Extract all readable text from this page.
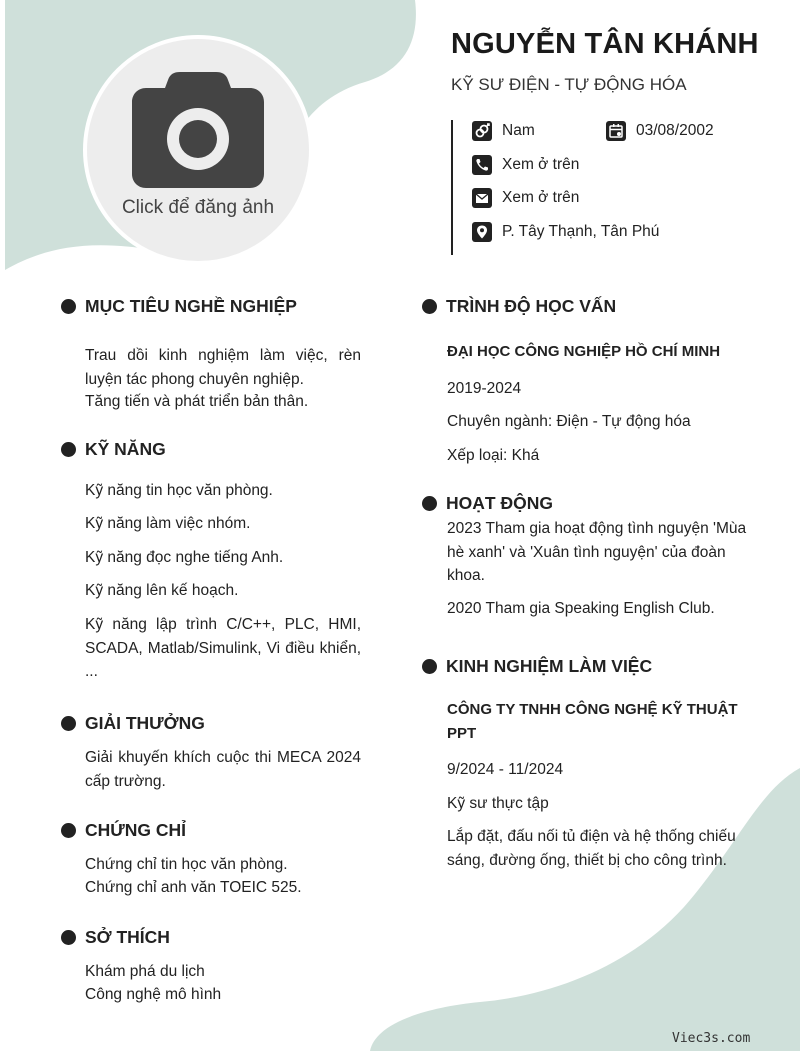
Click để đăng ảnh
NGUYỄN TÂN KHÁNH
KỸ SƯ ĐIỆN - TỰ ĐỘNG HÓA
Nam	03/08/2002
Xem ở trên
Xem ở trên
P. Tây Thạnh, Tân Phú
MỤC TIÊU NGHỀ NGHIỆP
Trau dồi kinh nghiệm làm việc, rèn luyện tác phong chuyên nghiệp.
Tăng tiến và phát triển bản thân.
KỸ NĂNG
Kỹ năng tin học văn phòng.
Kỹ năng làm việc nhóm.
Kỹ năng đọc nghe tiếng Anh.
Kỹ năng lên kế hoạch.
Kỹ năng lập trình C/C++, PLC, HMI, SCADA, Matlab/Simulink, Vi điều khiển, ...
GIẢI THƯỞNG
Giải khuyến khích cuộc thi MECA 2024 cấp trường.
CHỨNG CHỈ
Chứng chỉ tin học văn phòng.
Chứng chỉ anh văn TOEIC 525.
SỞ THÍCH
Khám phá du lịch
Công nghệ mô hình
TRÌNH ĐỘ HỌC VẤN
ĐẠI HỌC CÔNG NGHIỆP HỒ CHÍ MINH
2019-2024
Chuyên ngành: Điện - Tự động hóa
Xếp loại: Khá
HOẠT ĐỘNG
2023 Tham gia hoạt động tình nguyện 'Mùa hè xanh' và 'Xuân tình nguyện' của đoàn khoa.
2020 Tham gia Speaking English Club.
KINH NGHIỆM LÀM VIỆC
CÔNG TY TNHH CÔNG NGHỆ KỸ THUẬT PPT
9/2024 - 11/2024
Kỹ sư thực tập
Lắp đặt, đấu nối tủ điện và hệ thống chiếu sáng, đường ống, thiết bị cho công trình.
Viec3s.com
